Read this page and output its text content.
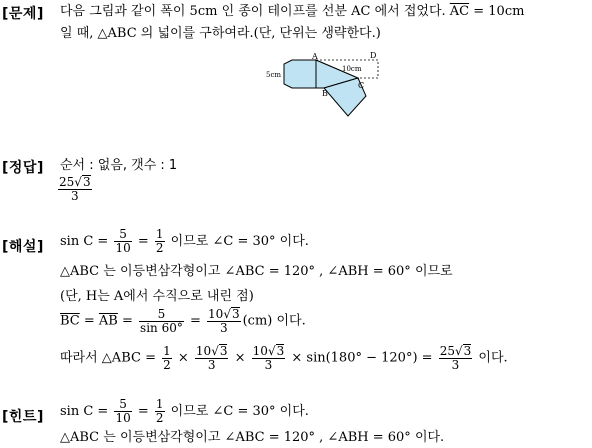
[문제] 다음 그림과 같이 폭이 5cm 인 종이 테이프를 선분 AC 에서 접었다. $\overline{AC} = 10cm$
일 때, △ABC 의 넓이를 구하여라.(단, 단위는 생략한다.)
5cm
A	D
10cm
C
B
[정답] 순서 : 없음, 갯수 : 1
$\frac{25√3}{3}$
[해설] $\sin C = \frac{5}{10} = \frac{1}{2}$ 이므로 ∠C = 30° 이다.
△ABC 는 이등변삼각형이고 ∠ABC = 120° , ∠ABH = 60° 이므로
(단, H는 A에서 수직으로 내린 점)
$\overline{BC} = \overline{AB} = \frac{5}{\sin 60^\circ} = \frac{10√3}{3} (cm)$ 이다.
따라서 △ABC = $\frac{1}{2} \times \frac{10√3}{3} \times \frac{10√3}{3} \times \sin(180^\circ - 120^\circ) = \frac{25√3}{3}$ 이다.
[힌트] $\sin C = \frac{5}{10} = \frac{1}{2}$ 이므로 ∠C = 30° 이다.
△ABC 는 이등변삼각형이고 ∠ABC = 120° , ∠ABH = 60° 이다.
